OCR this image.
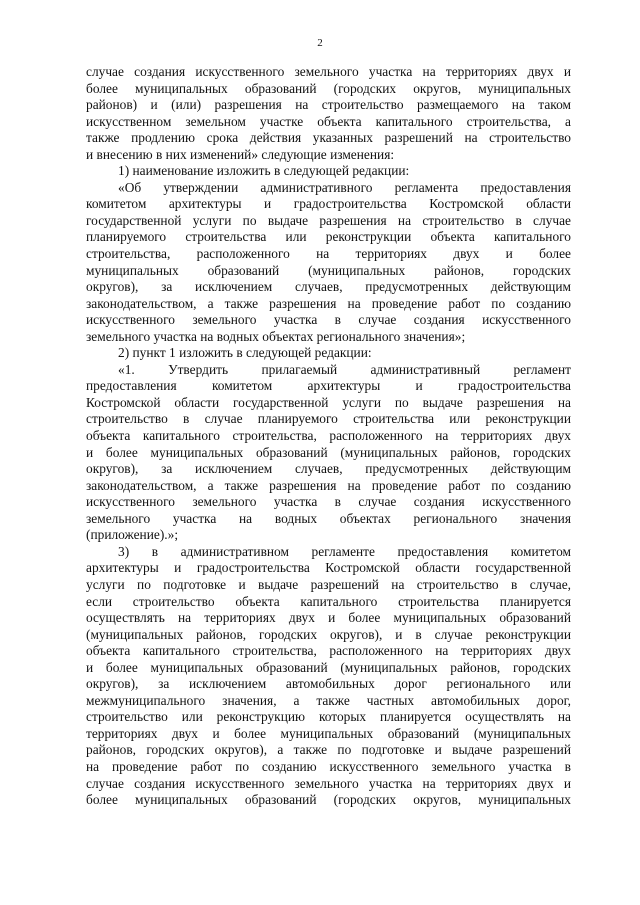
2

случае создания искусственного земельного участка на территориях двух и

более муниципальных образований (городских округов, муниципальных

районов) и (или) разрешения на строительство размещаемого на таком

искусственном земельном участке объекта капитального строительства, а

также продлению срока действия указанных разрешений на строительство

и внесению в них изменений» следующие изменения:

1) наименование изложить в следующей редакции:

«Об утверждении административного регламента предоставления

комитетом архитектуры и градостроительства Костромской области

государственной услуги по выдаче разрешения на строительство в случае

планируемого строительства или реконструкции объекта капитального

строительства, расположенного на территориях двух и более

муниципальных образований (муниципальных районов, городских

округов), за исключением случаев, предусмотренных действующим

законодательством, а также разрешения на проведение работ по созданию

искусственного земельного участка в случае создания искусственного

земельного участка на водных объектах регионального значения»;

2) пункт 1 изложить в следующей редакции:

«1. Утвердить прилагаемый административный регламент

предоставления комитетом архитектуры и градостроительства

Костромской области государственной услуги по выдаче разрешения на

строительство в случае планируемого строительства или реконструкции

объекта капитального строительства, расположенного на территориях двух

и более муниципальных образований (муниципальных районов, городских

округов), за исключением случаев, предусмотренных действующим

законодательством, а также разрешения на проведение работ по созданию

искусственного земельного участка в случае создания искусственного

земельного участка на водных объектах регионального значения

(приложение).»;

3) в административном регламенте предоставления комитетом

архитектуры и градостроительства Костромской области государственной

услуги по подготовке и выдаче разрешений на строительство в случае,

если строительство объекта капитального строительства планируется

осуществлять на территориях двух и более муниципальных образований

(муниципальных районов, городских округов), и в случае реконструкции

объекта капитального строительства, расположенного на территориях двух

и более муниципальных образований (муниципальных районов, городских

округов), за исключением автомобильных дорог регионального или

межмуниципального значения, а также частных автомобильных дорог,

строительство или реконструкцию которых планируется осуществлять на

территориях двух и более муниципальных образований (муниципальных

районов, городских округов), а также по подготовке и выдаче разрешений

на проведение работ по созданию искусственного земельного участка в

случае создания искусственного земельного участка на территориях двух и

более муниципальных образований (городских округов, муниципальных
